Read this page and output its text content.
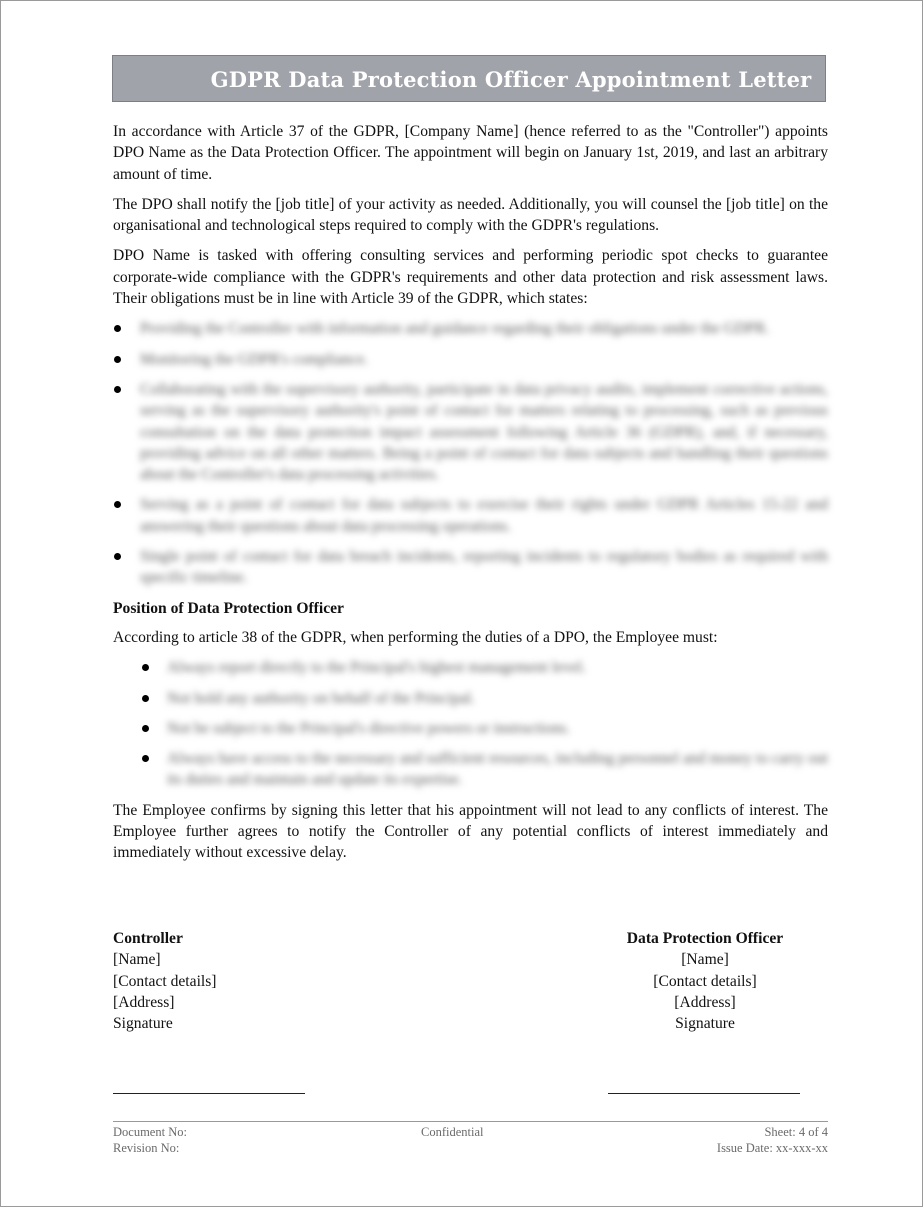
GDPR Data Protection Officer Appointment Letter

In accordance with Article 37 of the GDPR, [Company Name] (hence referred to as the "Controller") appoints DPO Name as the Data Protection Officer. The appointment will begin on January 1st, 2019, and last an arbitrary amount of time.

The DPO shall notify the [job title] of your activity as needed. Additionally, you will counsel the [job title] on the organisational and technological steps required to comply with the GDPR's regulations.

DPO Name is tasked with offering consulting services and performing periodic spot checks to guarantee corporate-wide compliance with the GDPR's requirements and other data protection and risk assessment laws. Their obligations must be in line with Article 39 of the GDPR, which states:

Providing the Controller with information and guidance regarding their obligations under the GDPR.
Monitoring the GDPR's compliance.
Collaborating with the supervisory authority, participate in data privacy audits, implement corrective actions, serving as the supervisory authority's point of contact for matters relating to processing, such as previous consultation on the data protection impact assessment following Article 36 (GDPR), and, if necessary, providing advice on all other matters. Being a point of contact for data subjects and handling their questions about the Controller's data processing activities.
Serving as a point of contact for data subjects to exercise their rights under GDPR Articles 15-22 and answering their questions about data processing operations.
Single point of contact for data breach incidents, reporting incidents to regulatory bodies as required with specific timeline.
Position of Data Protection Officer

According to article 38 of the GDPR, when performing the duties of a DPO, the Employee must:

Always report directly to the Principal's highest management level.
Not hold any authority on behalf of the Principal.
Not be subject to the Principal's directive powers or instructions.
Always have access to the necessary and sufficient resources, including personnel and money to carry out its duties and maintain and update its expertise.

The Employee confirms by signing this letter that his appointment will not lead to any conflicts of interest. The Employee further agrees to notify the Controller of any potential conflicts of interest immediately and immediately without excessive delay.

Controller
[Name]
[Contact details]
[Address]
Signature
Data Protection Officer
[Name]
[Contact details]
[Address]
Signature
Document No:
Revision No:
Confidential	Sheet: 4 of 4
Issue Date: xx-xxx-xx
